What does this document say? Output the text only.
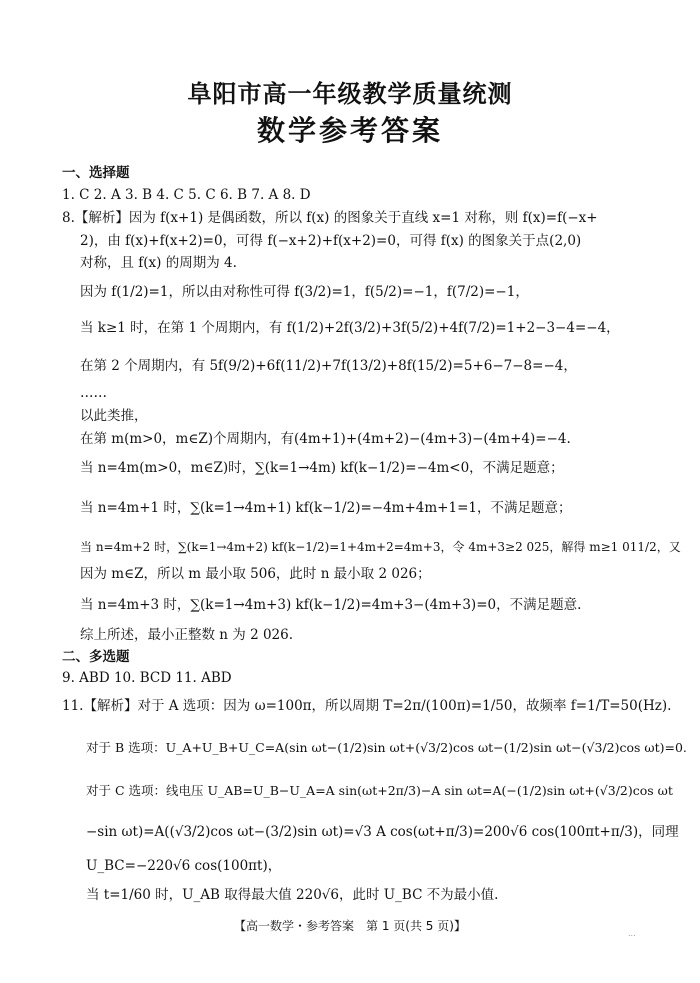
阜阳市高一年级教学质量统测
数学参考答案
一、选择题
1. C 2. A 3. B 4. C 5. C 6. B 7. A 8. D
8.【解析】因为 f(x+1) 是偶函数，所以 f(x) 的图象关于直线 x=1 对称，则 f(x)=f(−x+
2)，由 f(x)+f(x+2)=0，可得 f(−x+2)+f(x+2)=0，可得 f(x) 的图象关于点(2,0)
对称，且 f(x) 的周期为 4.
因为 f(1/2)=1，所以由对称性可得 f(3/2)=1，f(5/2)=−1，f(7/2)=−1，
当 k≥1 时，在第 1 个周期内，有 f(1/2)+2f(3/2)+3f(5/2)+4f(7/2)=1+2−3−4=−4，
在第 2 个周期内，有 5f(9/2)+6f(11/2)+7f(13/2)+8f(15/2)=5+6−7−8=−4，
……
以此类推，
在第 m(m>0，m∈Z)个周期内，有(4m+1)+(4m+2)−(4m+3)−(4m+4)=−4.
当 n=4m(m>0，m∈Z)时，∑(k=1→4m) kf(k−1/2)=−4m<0，不满足题意；
当 n=4m+1 时，∑(k=1→4m+1) kf(k−1/2)=−4m+4m+1=1，不满足题意；
当 n=4m+2 时，∑(k=1→4m+2) kf(k−1/2)=1+4m+2=4m+3，令 4m+3≥2 025，解得 m≥1 011/2，又
因为 m∈Z，所以 m 最小取 506，此时 n 最小取 2 026；
当 n=4m+3 时，∑(k=1→4m+3) kf(k−1/2)=4m+3−(4m+3)=0，不满足题意.
综上所述，最小正整数 n 为 2 026.
二、多选题
9. ABD 10. BCD 11. ABD
11.【解析】对于 A 选项：因为 ω=100π，所以周期 T=2π/(100π)=1/50，故频率 f=1/T=50(Hz).
对于 B 选项：U_A+U_B+U_C=A(sin ωt−(1/2)sin ωt+(√3/2)cos ωt−(1/2)sin ωt−(√3/2)cos ωt)=0.
对于 C 选项：线电压 U_AB=U_B−U_A=A sin(ωt+2π/3)−A sin ωt=A(−(1/2)sin ωt+(√3/2)cos ωt
−sin ωt)=A((√3/2)cos ωt−(3/2)sin ωt)=√3 A cos(ωt+π/3)=200√6 cos(100πt+π/3)，同理
U_BC=−220√6 cos(100πt)，
当 t=1/60 时，U_AB 取得最大值 220√6，此时 U_BC 不为最小值.
【高一数学・参考答案　第 1 页(共 5 页)】
...
